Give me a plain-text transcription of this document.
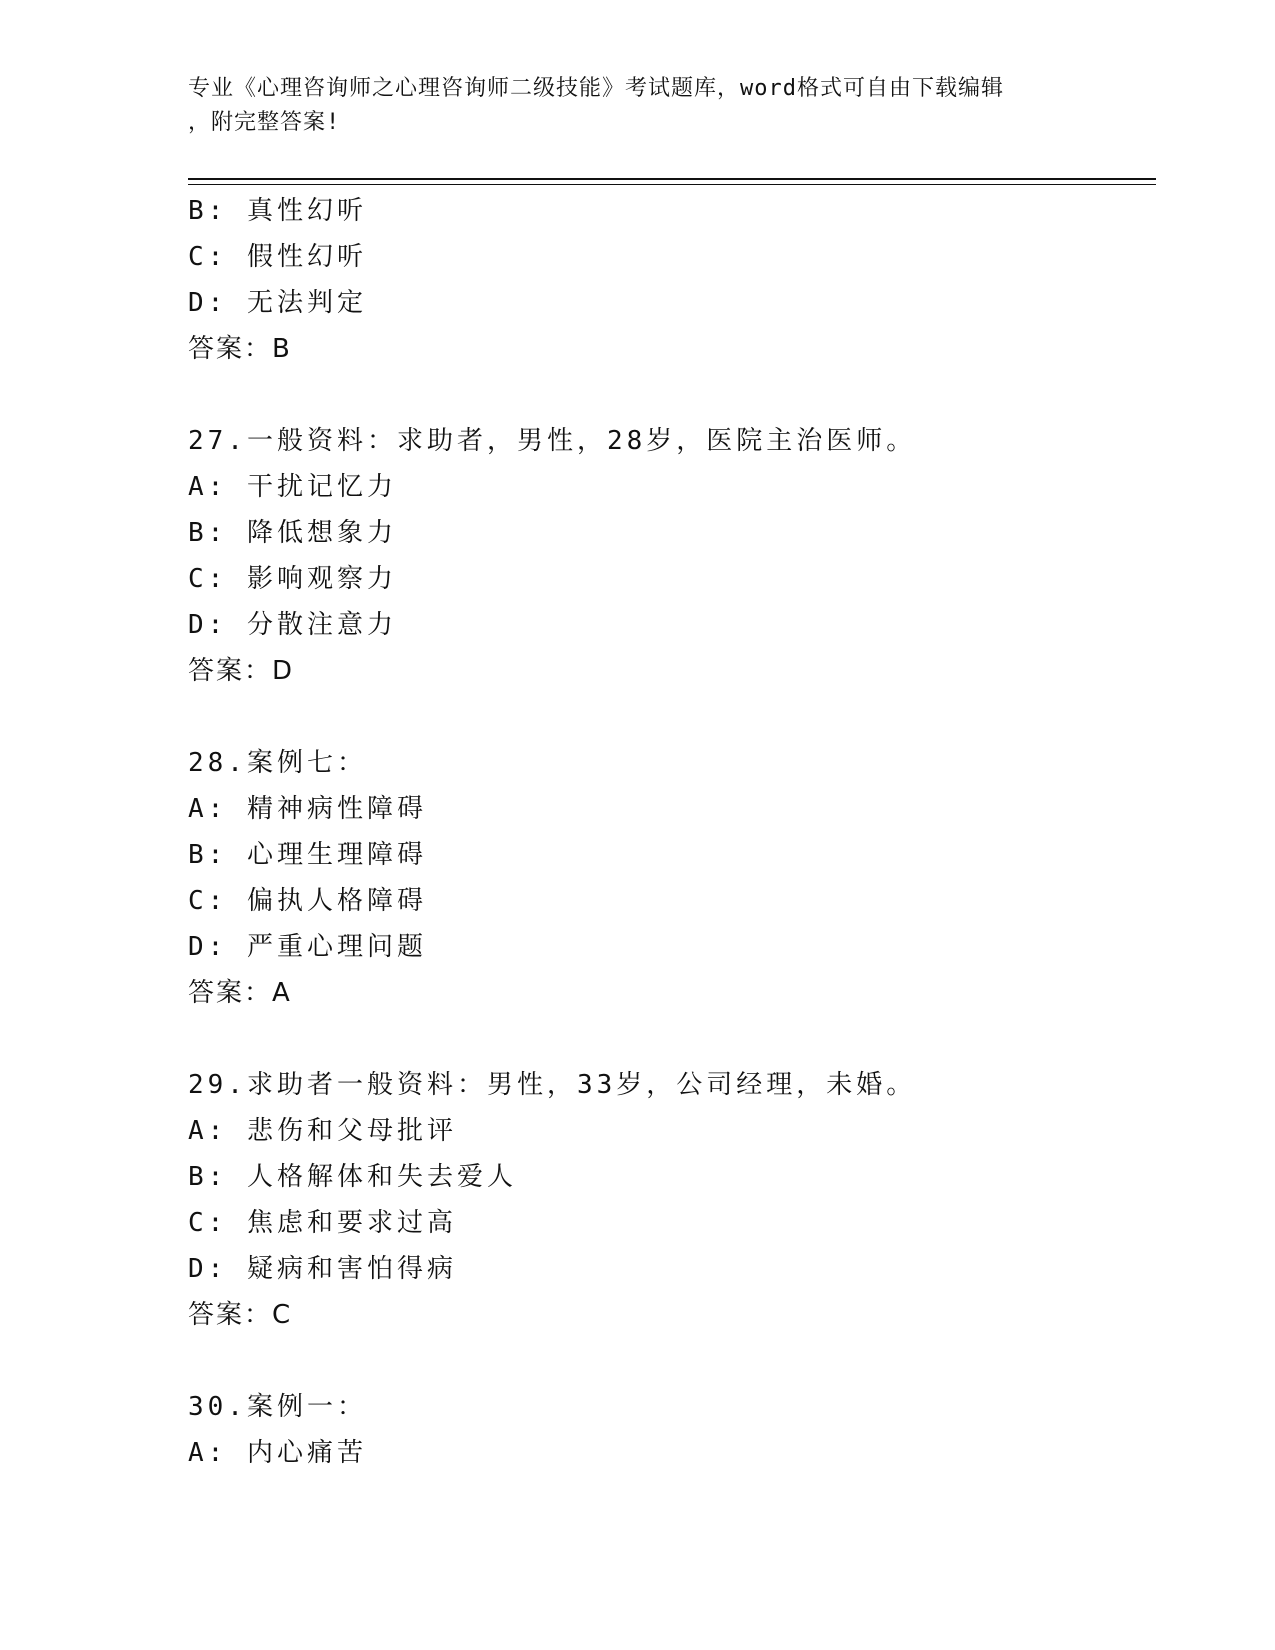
专业《心理咨询师之心理咨询师二级技能》考试题库，word格式可自由下载编辑
，附完整答案!
B: 真性幻听
C: 假性幻听
D: 无法判定
答案：B
27.一般资料：求助者，男性，28岁，医院主治医师。
A: 干扰记忆力
B: 降低想象力
C: 影响观察力
D: 分散注意力
答案：D
28.案例七：
A: 精神病性障碍
B: 心理生理障碍
C: 偏执人格障碍
D: 严重心理问题
答案：A
29.求助者一般资料：男性，33岁，公司经理，未婚。
A: 悲伤和父母批评
B: 人格解体和失去爱人
C: 焦虑和要求过高
D: 疑病和害怕得病
答案：C
30.案例一：
A: 内心痛苦
